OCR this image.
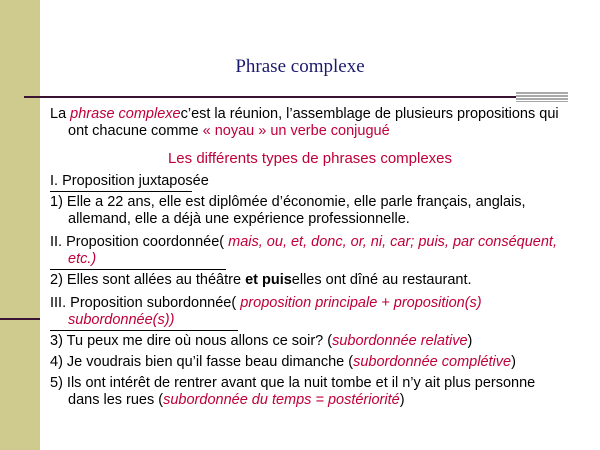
Phrase complexe

La phrase complexec’est la réunion, l’assemblage de plusieurs propositions qui ont chacune comme « noyau » un verbe conjugué

Les différents types de phrases complexes
I. Proposition juxtaposée
1) Elle a 22 ans, elle est diplômée d’économie, elle parle français, anglais, allemand, elle a déjà une expérience professionnelle.
II. Proposition coordonnée( mais, ou, et, donc, or, ni, car; puis, par conséquent, etc.)
2) Elles sont allées au théâtre et puiselles ont dîné au restaurant.
III. Proposition subordonnée( proposition principale + proposition(s) subordonnée(s))
3) Tu peux me dire où nous allons ce soir? (subordonnée relative)
4) Je voudrais bien qu’il fasse beau dimanche (subordonnée complétive)
5) Ils ont intérêt de rentrer avant que la nuit tombe et il n’y ait plus personne dans les rues (subordonnée du temps = postériorité)
